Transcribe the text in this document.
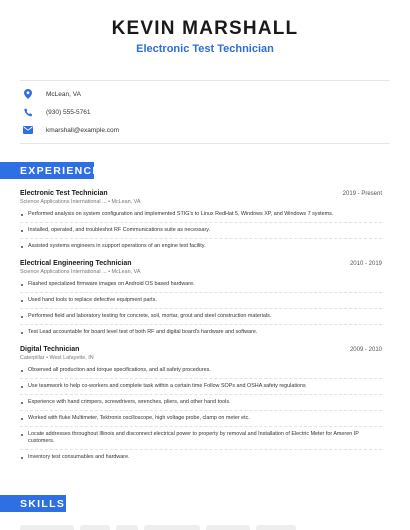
KEVIN MARSHALL
Electronic Test Technician
McLean, VA
(930) 555-5761
kmarshall@example.com
EXPERIENCE
Electronic Test Technician	2019 - Present
Science Applications International ... • McLean, VA
Performed analysis on system configuration and implemented STIG's to Linux RedHat 5, Windows XP, and Windows 7 systems.
Installed, operated, and troubleshot RF Communications suite as necessary.
Assisted systems engineers in support operations of an engine test facility.
Electrical Engineering Technician	2010 - 2019
Science Applications International ... • McLean, VA
Flashed specialized firmware images on Android OS based hardware.
Used hand tools to replace defective equipment parts.
Performed field and laboratory testing for concrete, soil, mortar, grout and steel construction materials.
Test Lead accountable for board level test of both RF and digital board's hardware and software.
Digital Technician	2009 - 2010
Caterpillar • West Lafayette, IN
Observed all production and torque specifications, and all safety procedures.
Use teamwork to help co-workers and complete task within a certain time Follow SOPs and OSHA safety regulations
Experience with hand crimpers, screwdrivers, wrenches, pliers, and other hand tools.
Worked with fluke Multimeter, Tektronix oscilloscope, high voltage probe, clamp on meter etc.
Locate addresses throughout Illinois and disconnect electrical power to property by removal and Installation of Electric Meter for Ameren IP customers.
Inventory test consumables and hardware.
SKILLS
